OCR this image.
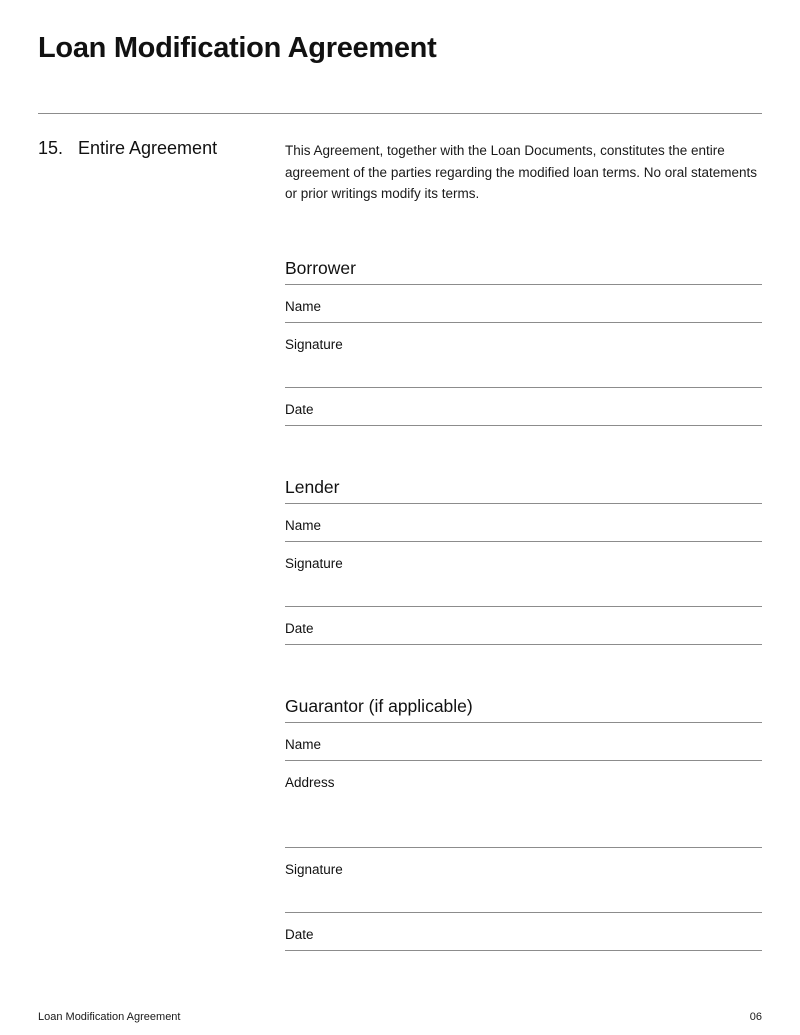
Loan Modification Agreement
15. Entire Agreement	This Agreement, together with the Loan Documents, constitutes the entire agreement of the parties regarding the modified loan terms. No oral statements or prior writings modify its terms.

Borrower
Name
Signature
Date
Lender
Name
Signature
Date
Guarantor (if applicable)
Name
Address
Signature
Date
Loan Modification Agreement	06
